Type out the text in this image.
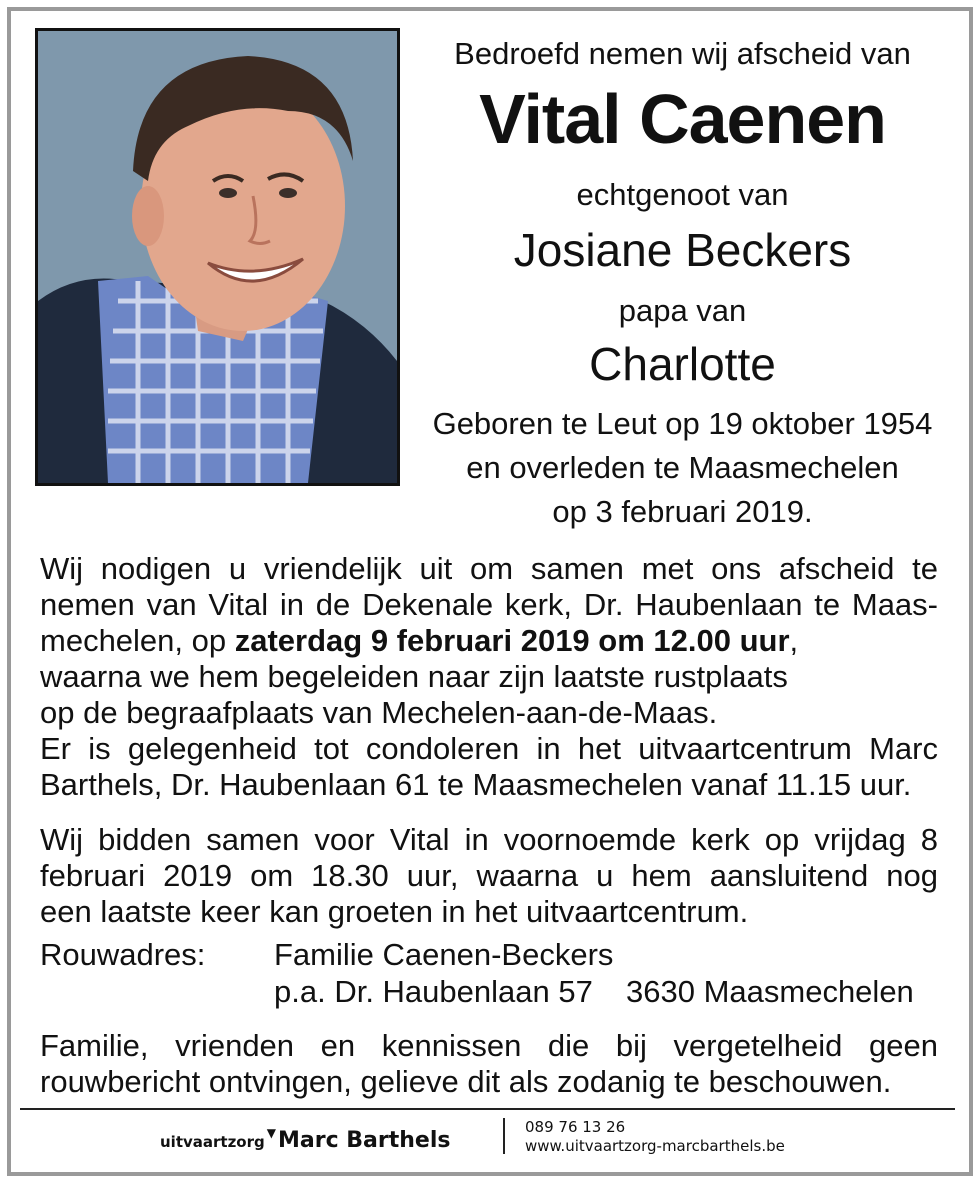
Bedroefd nemen wij afscheid van
Vital Caenen
echtgenoot van
Josiane Beckers
papa van
Charlotte
Geboren te Leut op 19 oktober 1954
en overleden te Maasmechelen
op 3 februari 2019.
Wij nodigen u vriendelijk uit om samen met ons afscheid te
nemen van Vital in de Dekenale kerk, Dr. Haubenlaan te Maas-
mechelen, op zaterdag 9 februari 2019 om 12.00 uur,
waarna we hem begeleiden naar zijn laatste rustplaats
op de begraafplaats van Mechelen-aan-de-Maas.
Er is gelegenheid tot condoleren in het uitvaartcentrum Marc
Barthels, Dr. Haubenlaan 61 te Maasmechelen vanaf 11.15 uur.
Wij bidden samen voor Vital in voornoemde kerk op vrijdag 8
februari 2019 om 18.30 uur, waarna u hem aansluitend nog
een laatste keer kan groeten in het uitvaartcentrum.
Rouwadres: Familie Caenen-Beckers
p.a. Dr. Haubenlaan 57 3630 Maasmechelen
Familie, vrienden en kennissen die bij vergetelheid geen
rouwbericht ontvingen, gelieve dit als zodanig te beschouwen.
uitvaartzorg ▼Marc Barthels
089 76 13 26
www.uitvaartzorg-marcbarthels.be
